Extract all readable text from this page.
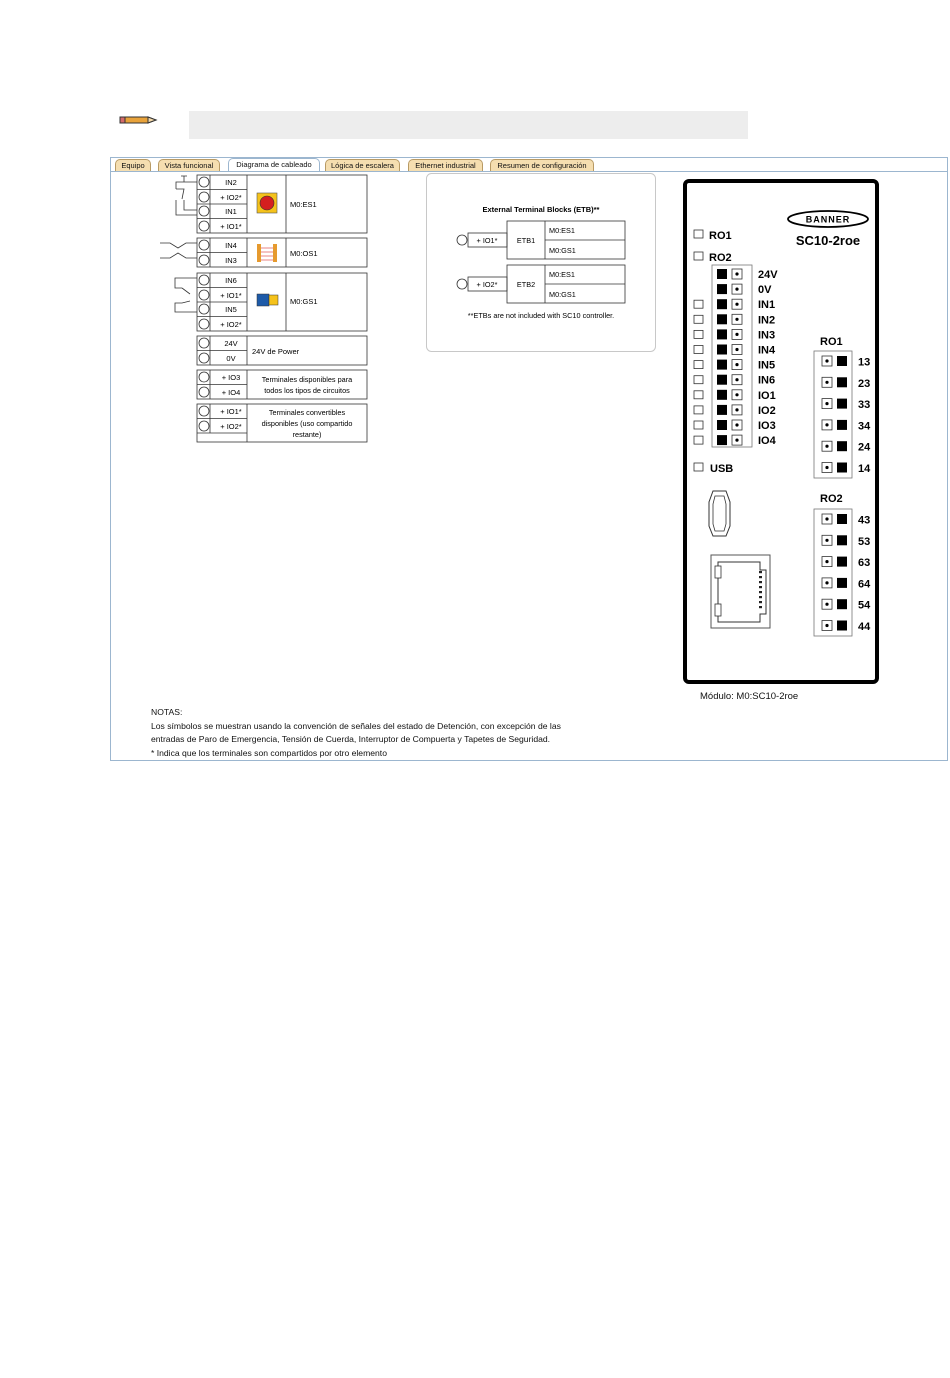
Equipo	Vista funcional	Diagrama de cableado	Lógica de escalera	Ethernet industrial	Resumen de configuración
IN2
+ IO2*
IN1
+ IO1*
M0:ES1
IN4
IN3
M0:OS1
IN6
+ IO1*
IN5
+ IO2*
M0:GS1
24V
0V
24V de Power
+ IO3
+ IO4
Terminales disponibles para
todos los tipos de circuitos
+ IO1*
+ IO2*
Terminales convertibles
disponibles (uso compartido
restante)
External Terminal Blocks (ETB)**
+ IO1*	ETB1
M0:ES1
M0:GS1
+ IO2*	ETB2
M0:ES1
M0:GS1
**ETBs are not included with SC10 controller.
BANNER
SC10-2roe
RO1
RO2
24V
0V
IN1
IN2
IN3
IN4
IN5
IN6
IO1
IO2
IO3
IO4
USB
RO1
13
23
33
34
24
14
RO2
43
53
63
64
54
44
Módulo: M0:SC10-2roe
NOTAS:
Los símbolos se muestran usando la convención de señales del estado de Detención, con excepción de las
entradas de Paro de Emergencia, Tensión de Cuerda, Interruptor de Compuerta y Tapetes de Seguridad.
* Indica que los terminales son compartidos por otro elemento
